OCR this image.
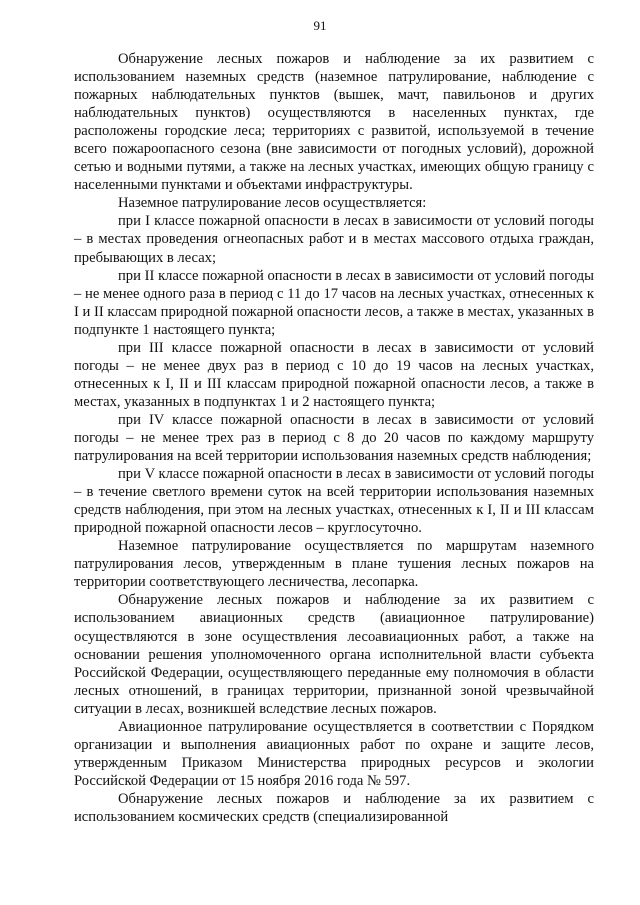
91

Обнаружение лесных пожаров и наблюдение за их развитием с использованием наземных средств (наземное патрулирование, наблюдение с пожарных наблюдательных пунктов (вышек, мачт, павильонов и других наблюдательных пунктов) осуществляются в населенных пунктах, где расположены городские леса; территориях с развитой, используемой в течение всего пожароопасного сезона (вне зависимости от погодных условий), дорожной сетью и водными путями, а также на лесных участках, имеющих общую границу с населенными пунктами и объектами инфраструктуры.

Наземное патрулирование лесов осуществляется:

при I классе пожарной опасности в лесах в зависимости от условий погоды – в местах проведения огнеопасных работ и в местах массового отдыха граждан, пребывающих в лесах;

при II классе пожарной опасности в лесах в зависимости от условий погоды – не менее одного раза в период с 11 до 17 часов на лесных участках, отнесенных к I и II классам природной пожарной опасности лесов, а также в местах, указанных в подпункте 1 настоящего пункта;

при III классе пожарной опасности в лесах в зависимости от условий погоды – не менее двух раз в период с 10 до 19 часов на лесных участках, отнесенных к I, II и III классам природной пожарной опасности лесов, а также в местах, указанных в подпунктах 1 и 2 настоящего пункта;

при IV классе пожарной опасности в лесах в зависимости от условий погоды – не менее трех раз в период с 8 до 20 часов по каждому маршруту патрулирования на всей территории использования наземных средств наблюдения;

при V классе пожарной опасности в лесах в зависимости от условий погоды – в течение светлого времени суток на всей территории использования наземных средств наблюдения, при этом на лесных участках, отнесенных к I, II и III классам природной пожарной опасности лесов – круглосуточно.

Наземное патрулирование осуществляется по маршрутам наземного патрулирования лесов, утвержденным в плане тушения лесных пожаров на территории соответствующего лесничества, лесопарка.

Обнаружение лесных пожаров и наблюдение за их развитием с использованием авиационных средств (авиационное патрулирование) осуществляются в зоне осуществления лесоавиационных работ, а также на основании решения уполномоченного органа исполнительной власти субъекта Российской Федерации, осуществляющего переданные ему полномочия в области лесных отношений, в границах территории, признанной зоной чрезвычайной ситуации в лесах, возникшей вследствие лесных пожаров.

Авиационное патрулирование осуществляется в соответствии с Порядком организации и выполнения авиационных работ по охране и защите лесов, утвержденным Приказом Министерства природных ресурсов и экологии Российской Федерации от 15 ноября 2016 года № 597.

Обнаружение лесных пожаров и наблюдение за их развитием с использованием космических средств (специализированной
